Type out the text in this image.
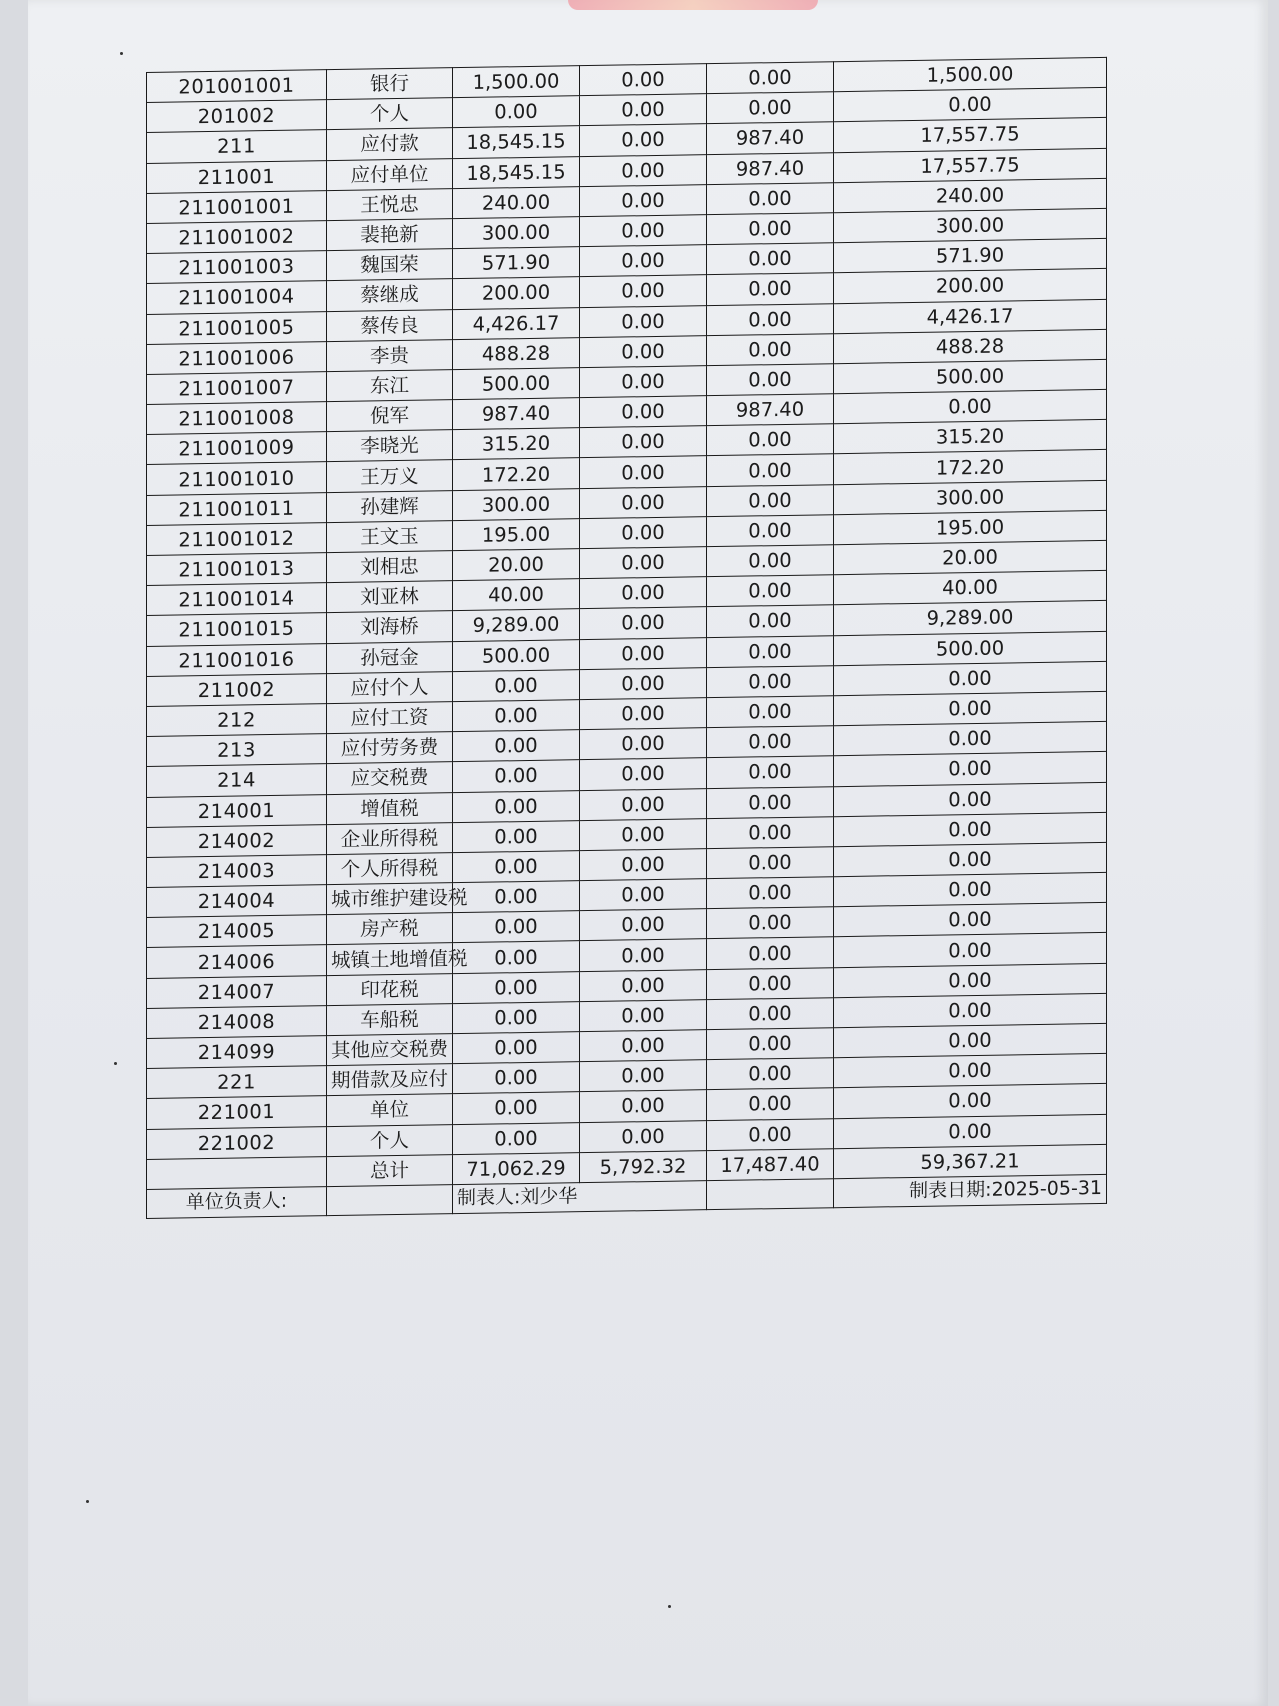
201001001	银行	1,500.00	0.00	0.00	1,500.00
201002	个人	0.00	0.00	0.00	0.00
211	应付款	18,545.15	0.00	987.40	17,557.75
211001	应付单位	18,545.15	0.00	987.40	17,557.75
211001001	王悦忠	240.00	0.00	0.00	240.00
211001002	裴艳新	300.00	0.00	0.00	300.00
211001003	魏国荣	571.90	0.00	0.00	571.90
211001004	蔡继成	200.00	0.00	0.00	200.00
211001005	蔡传良	4,426.17	0.00	0.00	4,426.17
211001006	李贵	488.28	0.00	0.00	488.28
211001007	东江	500.00	0.00	0.00	500.00
211001008	倪军	987.40	0.00	987.40	0.00
211001009	李晓光	315.20	0.00	0.00	315.20
211001010	王万义	172.20	0.00	0.00	172.20
211001011	孙建辉	300.00	0.00	0.00	300.00
211001012	王文玉	195.00	0.00	0.00	195.00
211001013	刘相忠	20.00	0.00	0.00	20.00
211001014	刘亚林	40.00	0.00	0.00	40.00
211001015	刘海桥	9,289.00	0.00	0.00	9,289.00
211001016	孙冠金	500.00	0.00	0.00	500.00
211002	应付个人	0.00	0.00	0.00	0.00
212	应付工资	0.00	0.00	0.00	0.00
213	应付劳务费	0.00	0.00	0.00	0.00
214	应交税费	0.00	0.00	0.00	0.00
214001	增值税	0.00	0.00	0.00	0.00
214002	企业所得税	0.00	0.00	0.00	0.00
214003	个人所得税	0.00	0.00	0.00	0.00
214004	城市维护建设税	0.00	0.00	0.00	0.00
214005	房产税	0.00	0.00	0.00	0.00
214006	城镇土地增值税	0.00	0.00	0.00	0.00
214007	印花税	0.00	0.00	0.00	0.00
214008	车船税	0.00	0.00	0.00	0.00
214099	其他应交税费	0.00	0.00	0.00	0.00
221	期借款及应付	0.00	0.00	0.00	0.00
221001	单位	0.00	0.00	0.00	0.00
221002	个人	0.00	0.00	0.00	0.00
	总计	71,062.29	5,792.32	17,487.40	59,367.21
单位负责人:		制表人:刘少华			制表日期:2025-05-31
